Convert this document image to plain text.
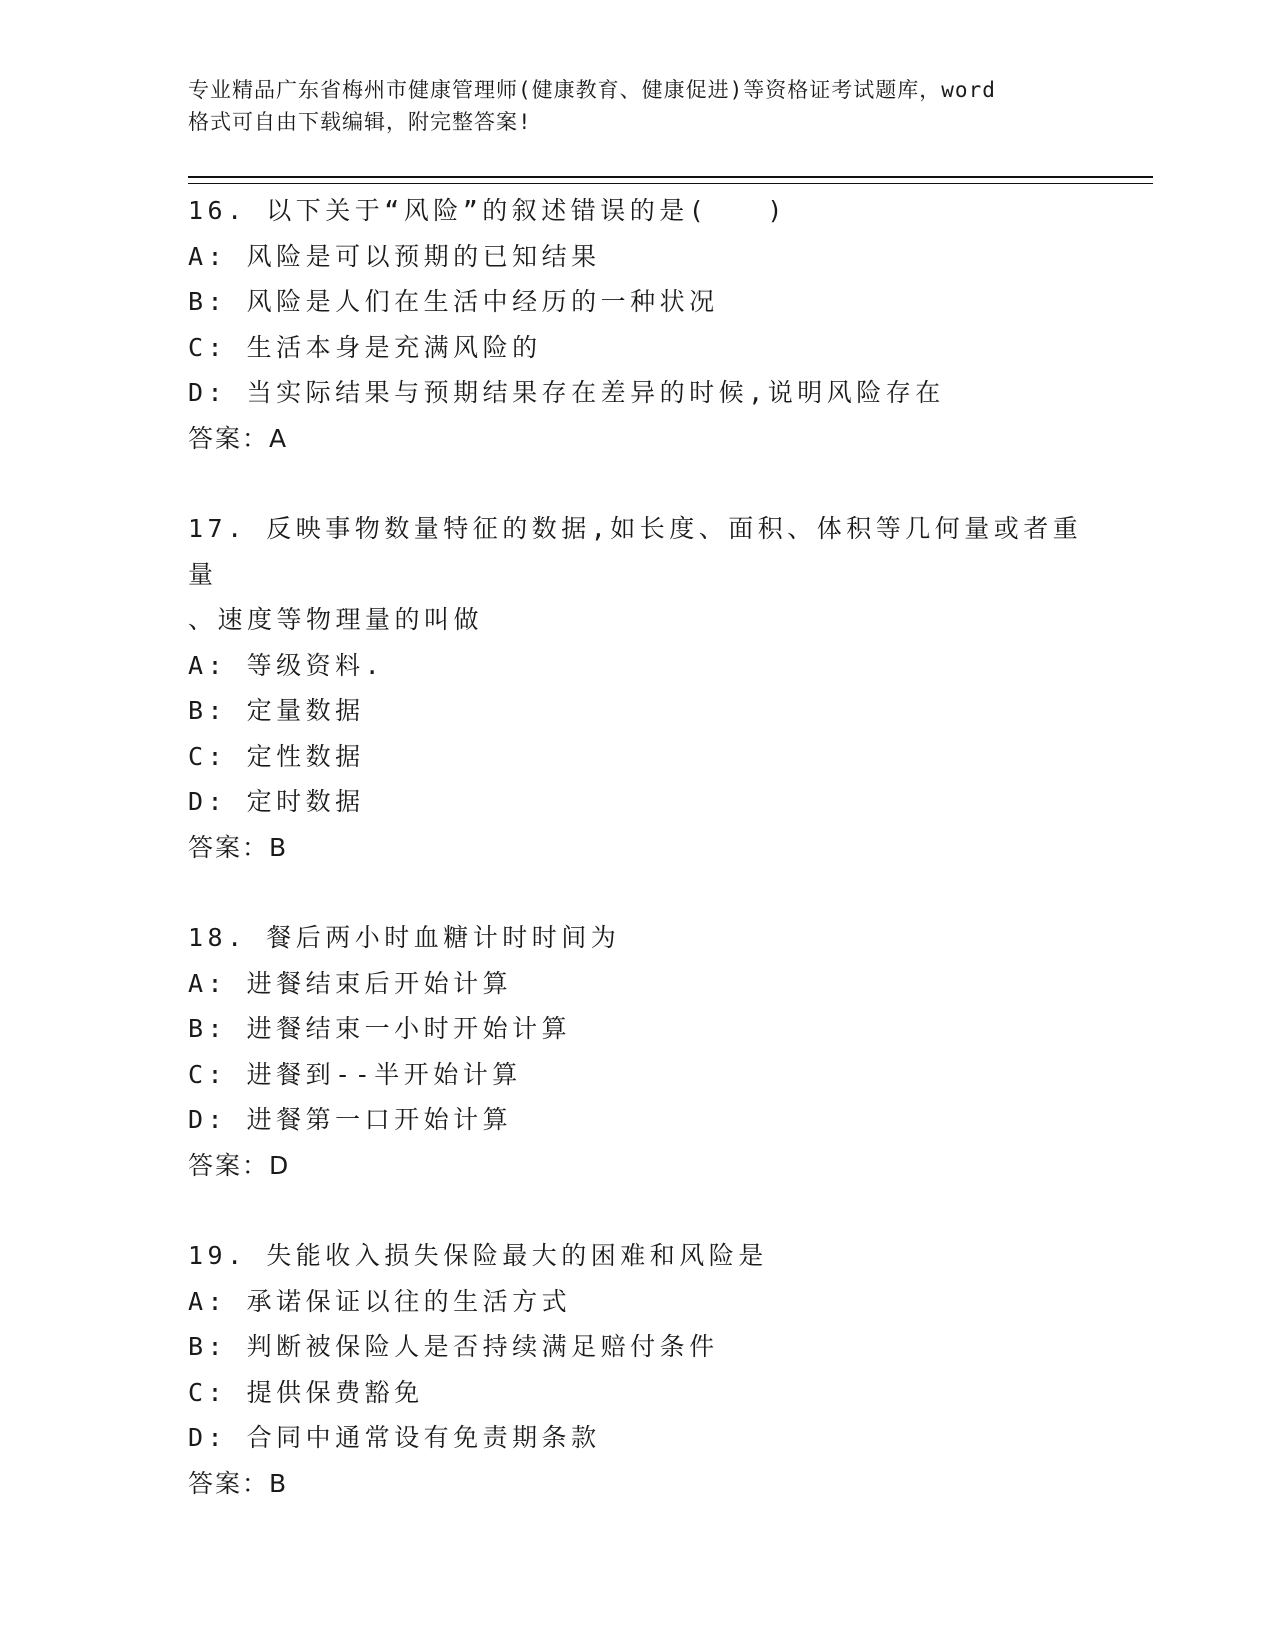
专业精品广东省梅州市健康管理师(健康教育、健康促进)等资格证考试题库，word
格式可自由下载编辑，附完整答案!
16. 以下关于“风险”的叙述错误的是(　　)
A: 风险是可以预期的已知结果
B: 风险是人们在生活中经历的一种状况
C: 生活本身是充满风险的
D: 当实际结果与预期结果存在差异的时候,说明风险存在
答案：A
17. 反映事物数量特征的数据,如长度、面积、体积等几何量或者重量
、速度等物理量的叫做
A: 等级资料.
B: 定量数据
C: 定性数据
D: 定时数据
答案：B
18. 餐后两小时血糖计时时间为
A: 进餐结束后开始计算
B: 进餐结束一小时开始计算
C: 进餐到--半开始计算
D: 进餐第一口开始计算
答案：D
19. 失能收入损失保险最大的困难和风险是
A: 承诺保证以往的生活方式
B: 判断被保险人是否持续满足赔付条件
C: 提供保费豁免
D: 合同中通常设有免责期条款
答案：B
